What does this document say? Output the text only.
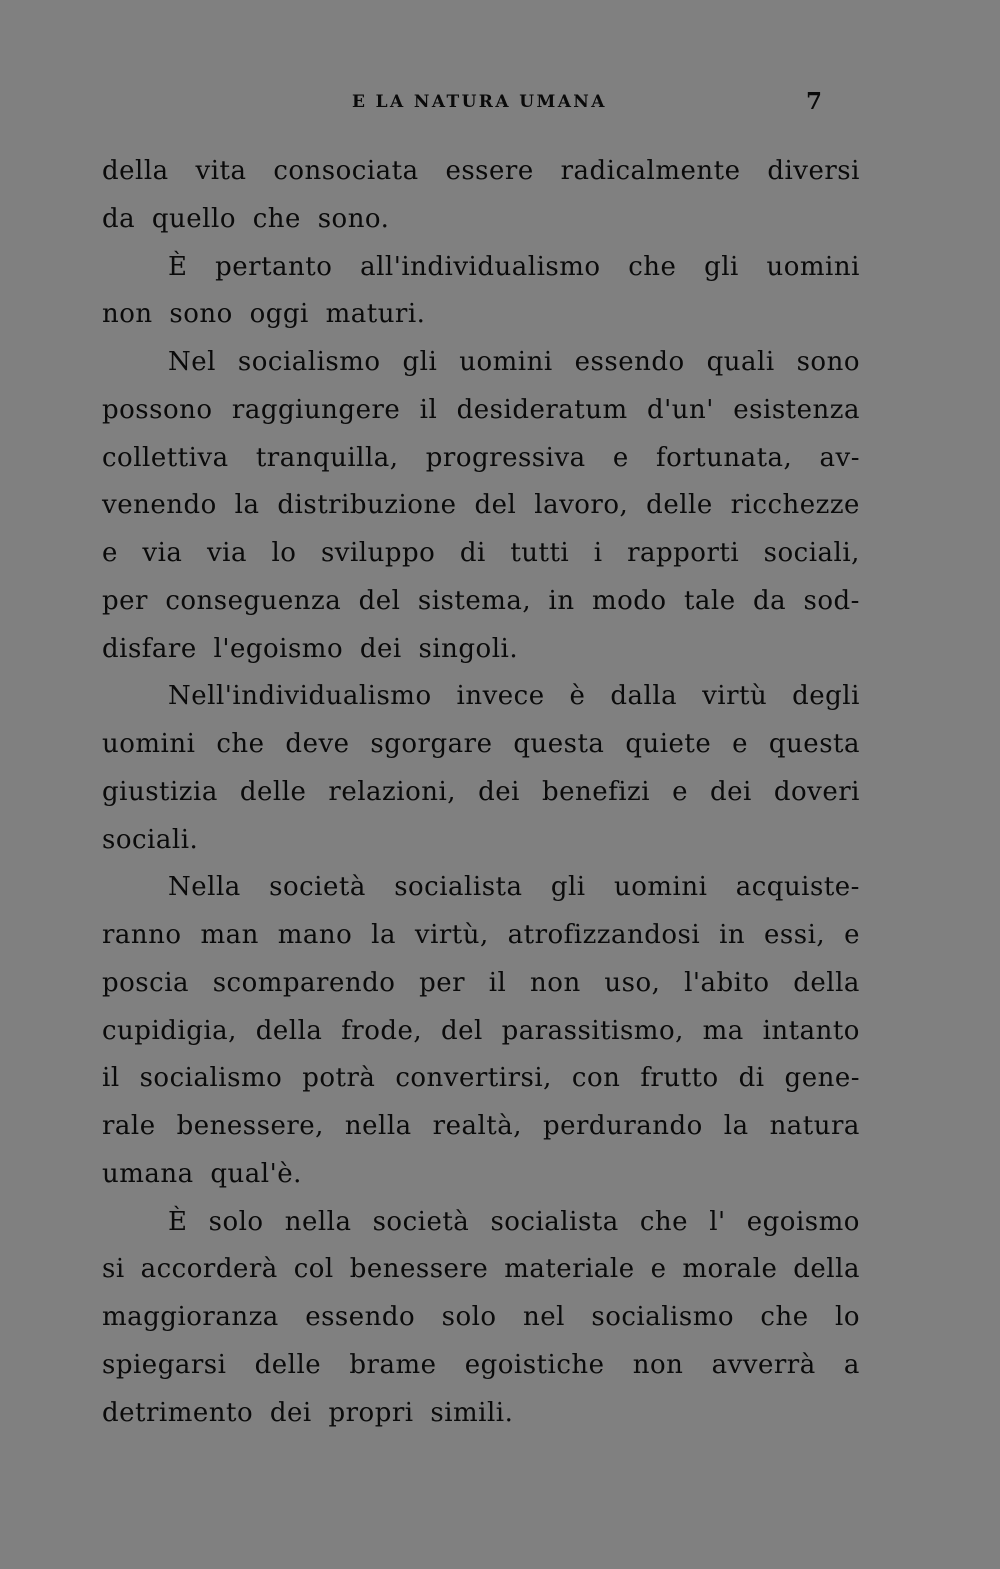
E LA NATURA UMANA	7
della vita consociata essere radicalmente diversi
da quello che sono.
È pertanto all'individualismo che gli uomini
non sono oggi maturi.
Nel socialismo gli uomini essendo quali sono
possono raggiungere il desideratum d'un' esistenza
collettiva tranquilla, progressiva e fortunata, av-
venendo la distribuzione del lavoro, delle ricchezze
e via via lo sviluppo di tutti i rapporti sociali,
per conseguenza del sistema, in modo tale da sod-
disfare l'egoismo dei singoli.
Nell'individualismo invece è dalla virtù degli
uomini che deve sgorgare questa quiete e questa
giustizia delle relazioni, dei benefizi e dei doveri
sociali.
Nella società socialista gli uomini acquiste-
ranno man mano la virtù, atrofizzandosi in essi, e
poscia scomparendo per il non uso, l'abito della
cupidigia, della frode, del parassitismo, ma intanto
il socialismo potrà convertirsi, con frutto di gene-
rale benessere, nella realtà, perdurando la natura
umana qual'è.
È solo nella società socialista che l' egoismo
si accorderà col benessere materiale e morale della
maggioranza essendo solo nel socialismo che lo
spiegarsi delle brame egoistiche non avverrà a
detrimento dei propri simili.
